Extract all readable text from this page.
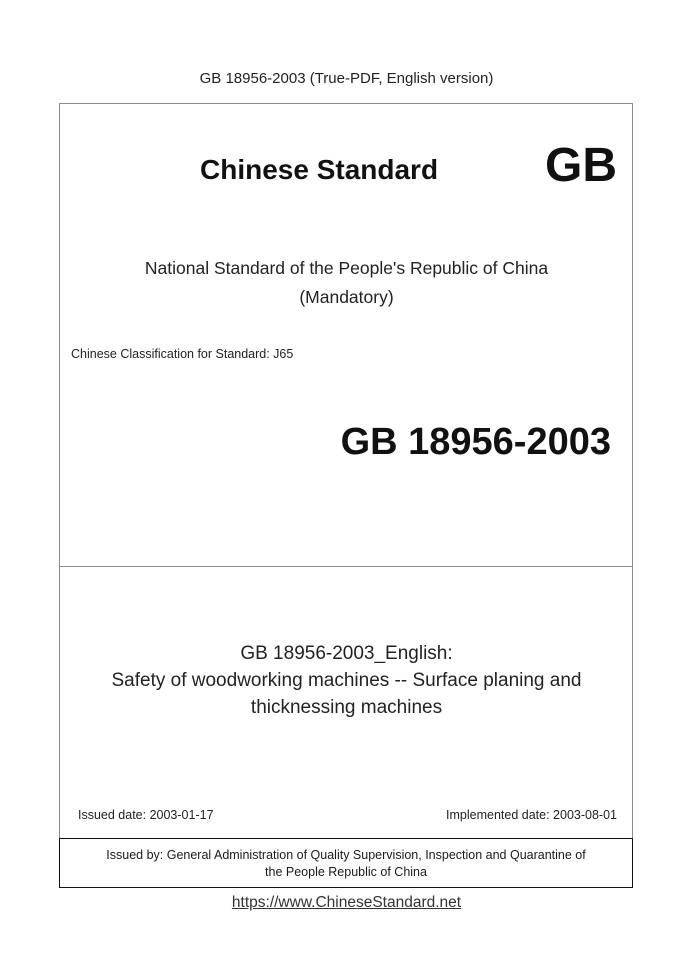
GB 18956-2003 (True-PDF, English version)
Chinese Standard GB
National Standard of the People's Republic of China
(Mandatory)
Chinese Classification for Standard: J65
GB 18956-2003
GB 18956-2003_English:
Safety of woodworking machines -- Surface planing and
thicknessing machines
Issued date: 2003-01-17	Implemented date: 2003-08-01
Issued by: General Administration of Quality Supervision, Inspection and Quarantine of
the People Republic of China
https://www.ChineseStandard.net
